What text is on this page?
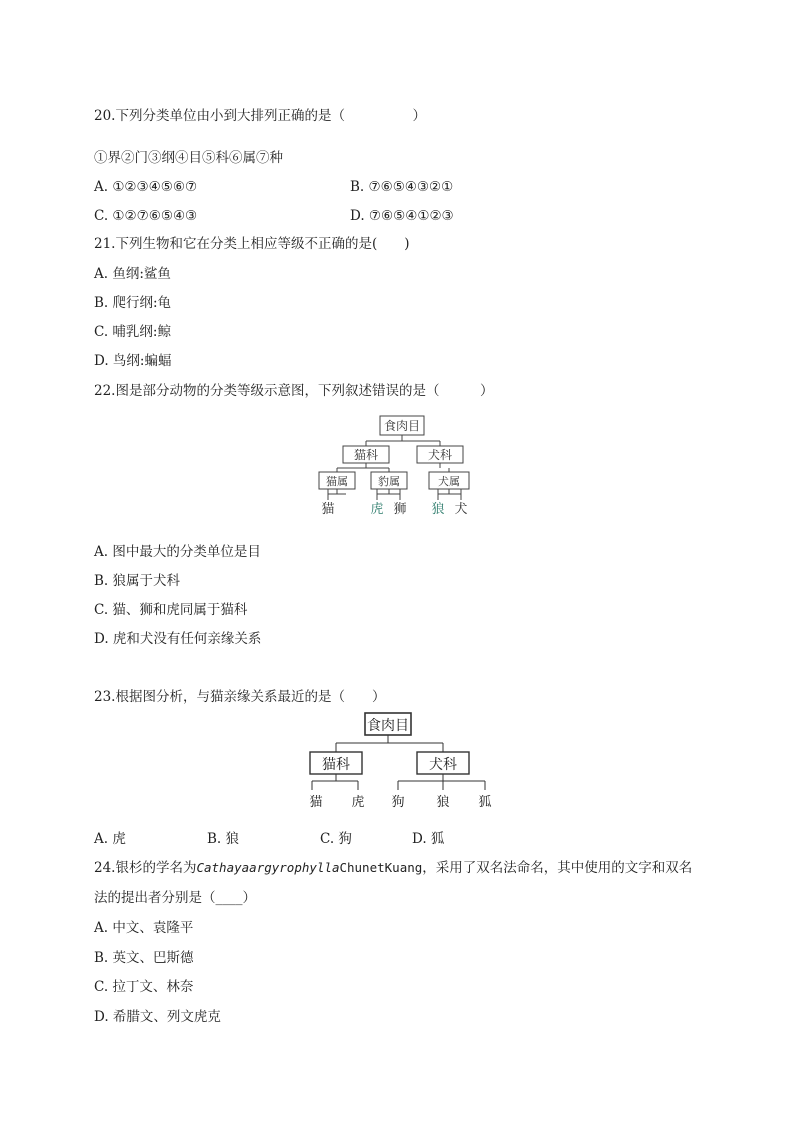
20.下列分类单位由小到大排列正确的是（　　　　　）
①界②门③纲④目⑤科⑥属⑦种
A. ①②③④⑤⑥⑦	B. ⑦⑥⑤④③②①
C. ①②⑦⑥⑤④③	D. ⑦⑥⑤④①②③
21.下列生物和它在分类上相应等级不正确的是(　　)
A. 鱼纲:鲨鱼
B. 爬行纲:龟
C. 哺乳纲:鲸
D. 鸟纲:蝙蝠
22.图是部分动物的分类等级示意图，下列叙述错误的是（　　　）
食肉目
猫科	犬科
猫属	豹属	犬属
猫	虎 狮 狼 犬
A. 图中最大的分类单位是目
B. 狼属于犬科
C. 猫、狮和虎同属于猫科
D. 虎和犬没有任何亲缘关系
23.根据图分析，与猫亲缘关系最近的是（　　）
食肉目
猫科	犬科
猫 虎 狗 狼 狐
A. 虎	B. 狼	C. 狗	D. 狐
24.银杉的学名为CathayaargyrophyllaChunetKuang，采用了双名法命名，其中使用的文字和双名
法的提出者分别是（____）
A. 中文、袁隆平
B. 英文、巴斯德
C. 拉丁文、林奈
D. 希腊文、列文虎克
